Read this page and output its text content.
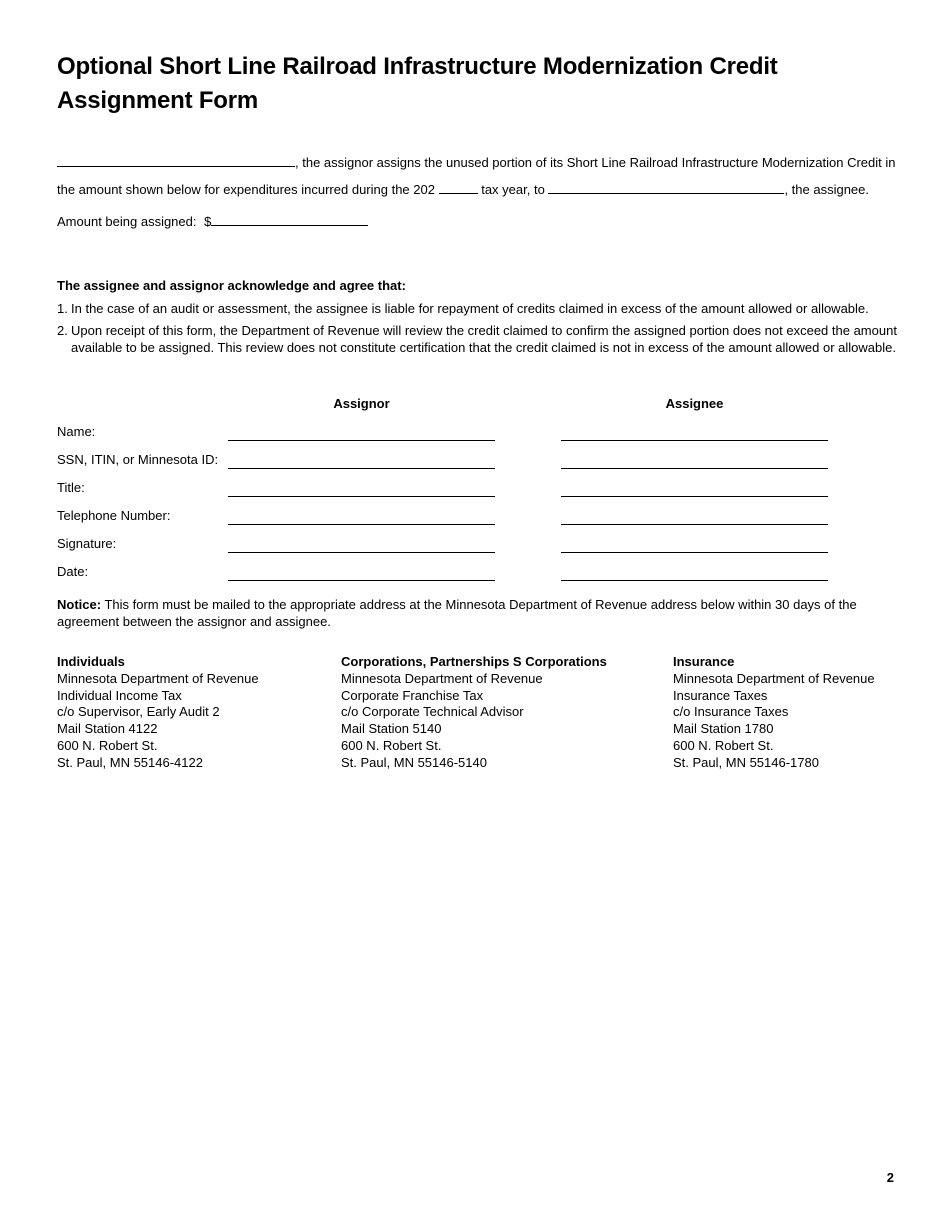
Optional Short Line Railroad Infrastructure Modernization Credit Assignment Form
, the assignor assigns the unused portion of its Short Line Railroad Infrastructure Modernization Credit in
the amount shown below for expenditures incurred during the 202	tax year, to	, the assignee.
Amount being assigned: $
The assignee and assignor acknowledge and agree that:
1. In the case of an audit or assessment, the assignee is liable for repayment of credits claimed in excess of the amount allowed or allowable.
2. Upon receipt of this form, the Department of Revenue will review the credit claimed to confirm the assigned portion does not exceed the amount available to be assigned. This review does not constitute certification that the credit claimed is not in excess of the amount allowed or allowable.
Assignor	Assignee
Name:
SSN, ITIN, or Minnesota ID:
Title:
Telephone Number:
Signature:
Date:
Notice: This form must be mailed to the appropriate address at the Minnesota Department of Revenue address below within 30 days of the agreement between the assignor and assignee.
Individuals
Minnesota Department of Revenue
Individual Income Tax
c/o Supervisor, Early Audit 2
Mail Station 4122
600 N. Robert St.
St. Paul, MN 55146-4122
Corporations, Partnerships S Corporations
Minnesota Department of Revenue
Corporate Franchise Tax
c/o Corporate Technical Advisor
Mail Station 5140
600 N. Robert St.
St. Paul, MN 55146-5140
Insurance
Minnesota Department of Revenue
Insurance Taxes
c/o Insurance Taxes
Mail Station 1780
600 N. Robert St.
St. Paul, MN 55146-1780
2
